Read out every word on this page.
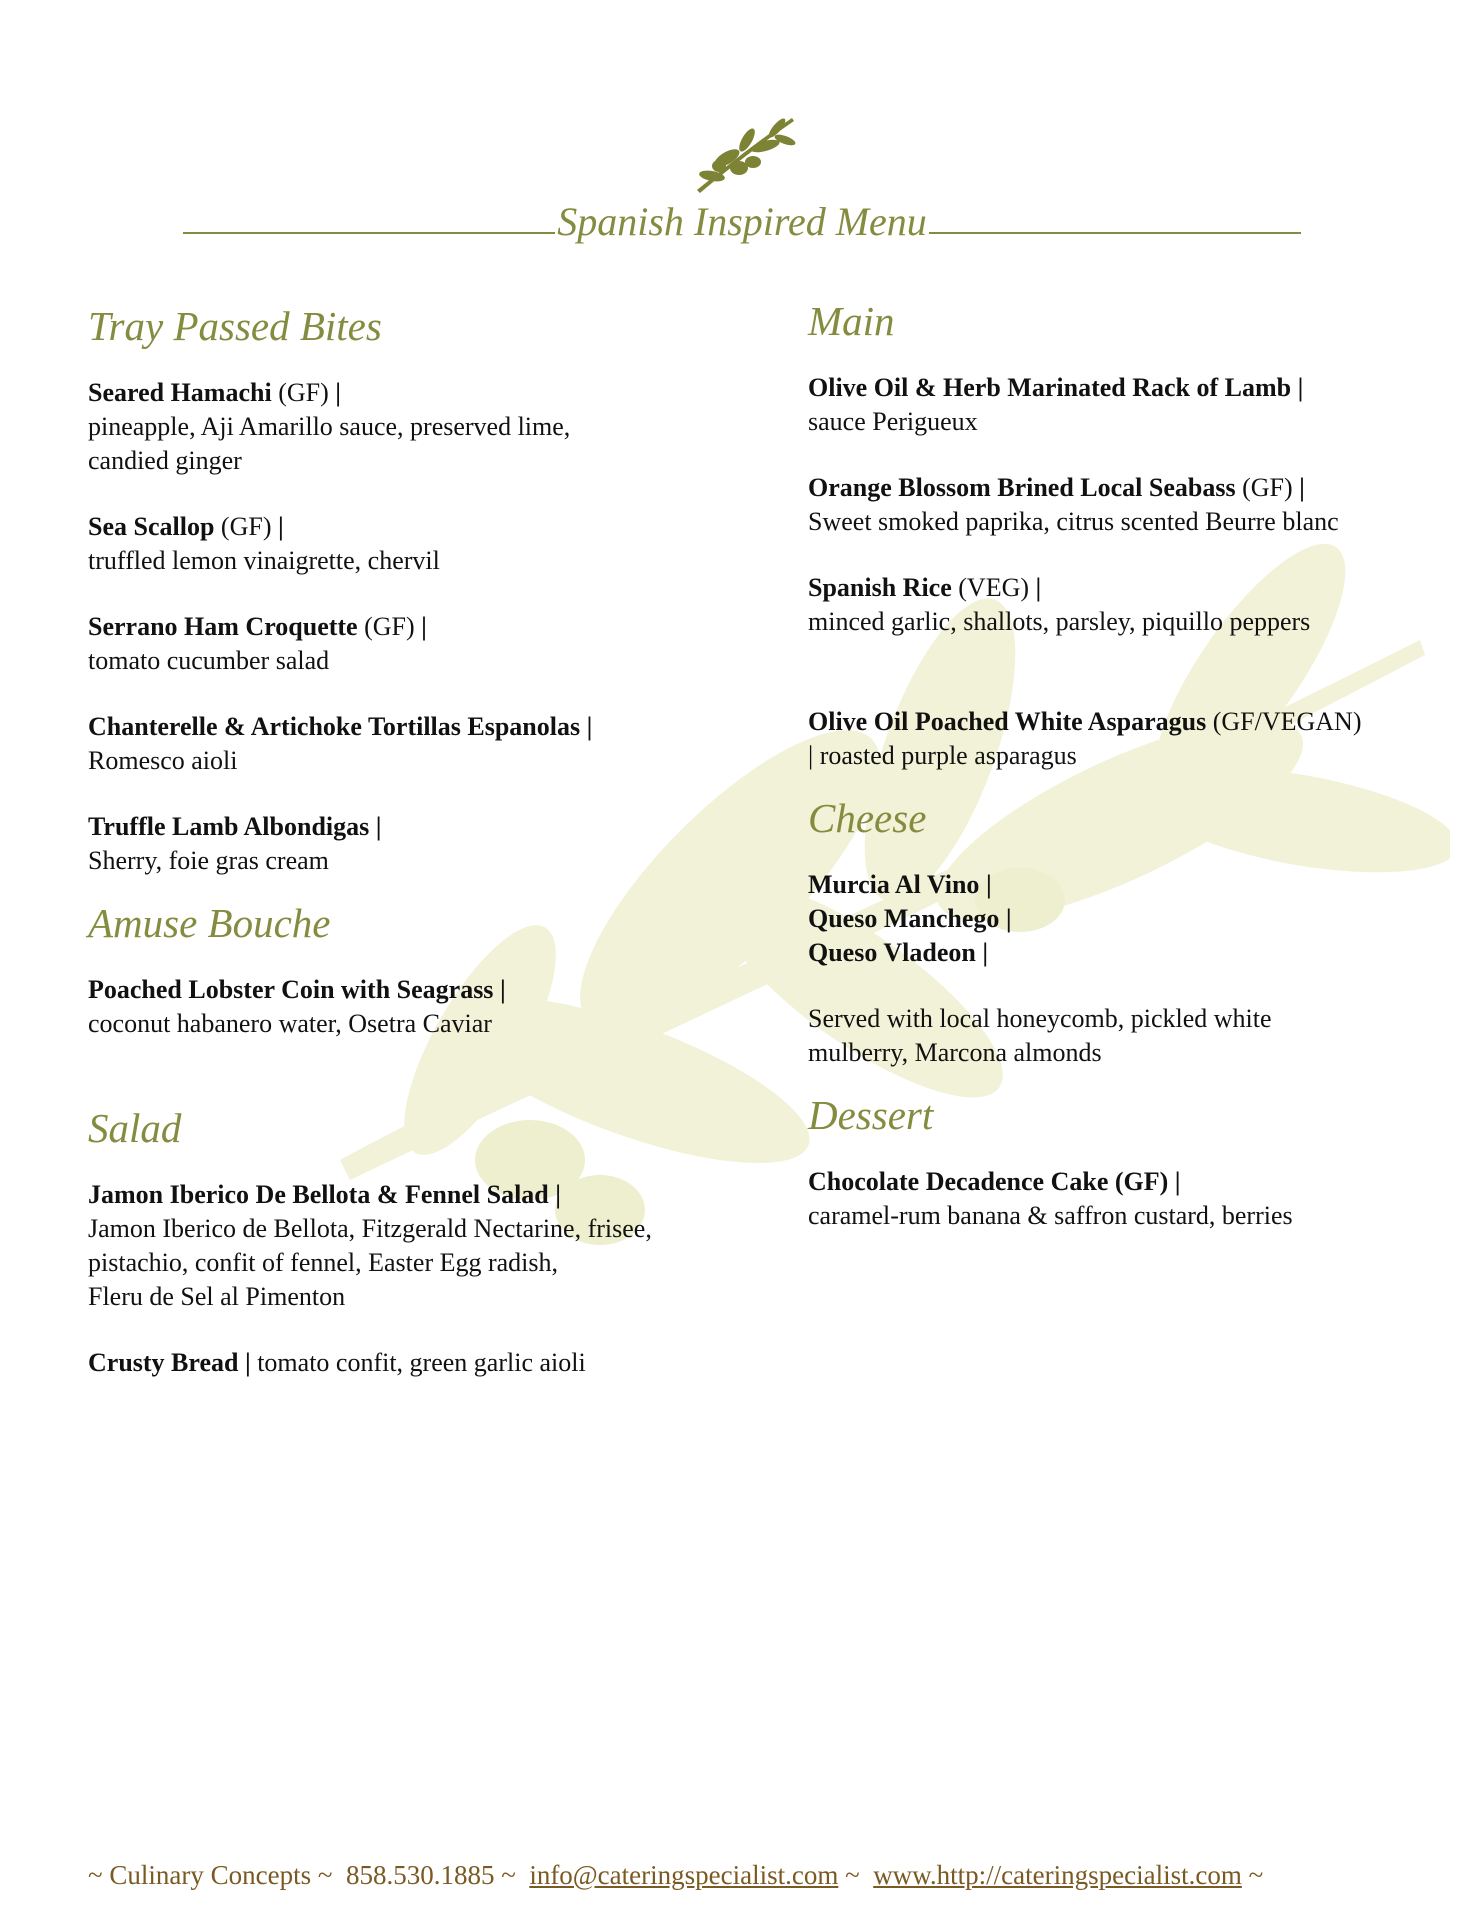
Spanish Inspired Menu
Tray Passed Bites
Seared Hamachi (GF) |
pineapple, Aji Amarillo sauce, preserved lime,
candied ginger
Sea Scallop (GF) |
truffled lemon vinaigrette, chervil
Serrano Ham Croquette (GF) |
tomato cucumber salad
Chanterelle & Artichoke Tortillas Espanolas |
Romesco aioli
Truffle Lamb Albondigas |
Sherry, foie gras cream
Amuse Bouche
Poached Lobster Coin with Seagrass |
coconut habanero water, Osetra Caviar
Salad
Jamon Iberico De Bellota & Fennel Salad |
Jamon Iberico de Bellota, Fitzgerald Nectarine, frisee,
pistachio, confit of fennel, Easter Egg radish,
Fleru de Sel al Pimenton
Crusty Bread | tomato confit, green garlic aioli
Main
Olive Oil & Herb Marinated Rack of Lamb |
sauce Perigueux
Orange Blossom Brined Local Seabass (GF) |
Sweet smoked paprika, citrus scented Beurre blanc
Spanish Rice (VEG) |
minced garlic, shallots, parsley, piquillo peppers
Olive Oil Poached White Asparagus (GF/VEGAN)
| roasted purple asparagus
Cheese
Murcia Al Vino |
Queso Manchego |
Queso Vladeon |
Served with local honeycomb, pickled white
mulberry, Marcona almonds
Dessert
Chocolate Decadence Cake (GF) |
caramel-rum banana & saffron custard, berries
~ Culinary Concepts ~ 858.530.1885 ~ info@cateringspecialist.com ~ www.http://cateringspecialist.com ~
